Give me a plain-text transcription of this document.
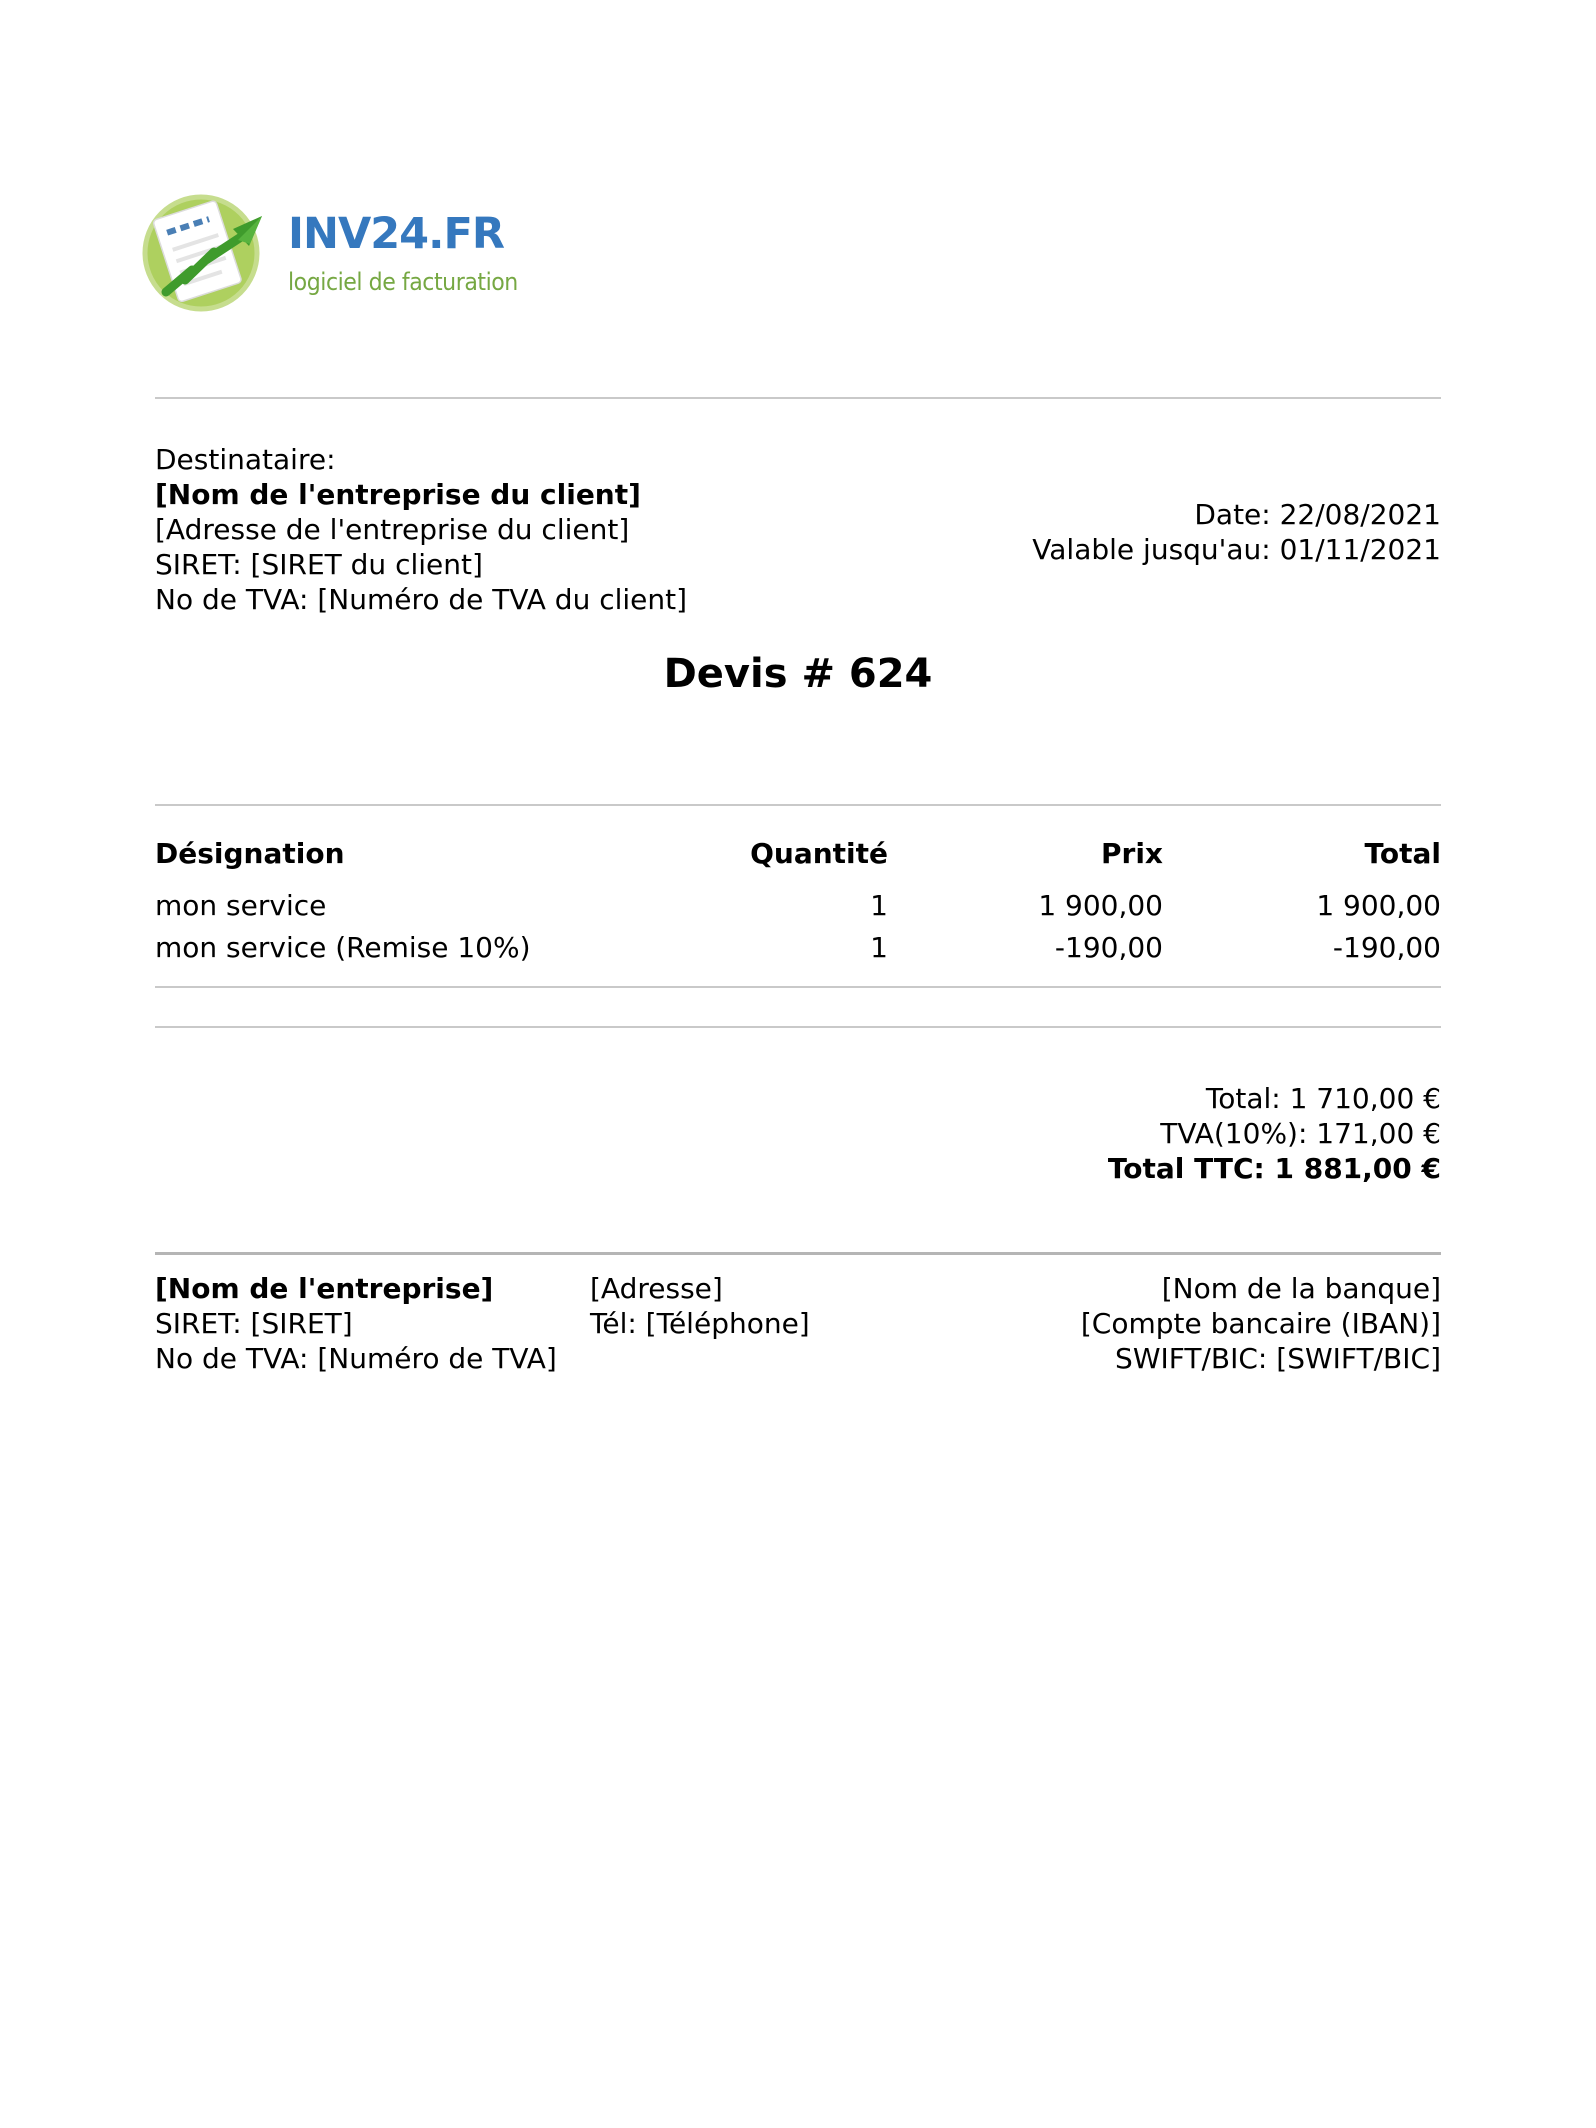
INV24.FR
logiciel de facturation
Destinataire:
[Nom de l'entreprise du client]
[Adresse de l'entreprise du client]
SIRET: [SIRET du client]
No de TVA: [Numéro de TVA du client]
Date: 22/08/2021
Valable jusqu'au: 01/11/2021
Devis # 624
Désignation	Quantité	Prix	Total
mon service	1	1 900,00	1 900,00
mon service (Remise 10%)	1	-190,00	-190,00
Total: 1 710,00 €
TVA(10%): 171,00 €
Total TTC: 1 881,00 €
[Nom de l'entreprise]
SIRET: [SIRET]
No de TVA: [Numéro de TVA]
[Adresse]
Tél: [Téléphone]
[Nom de la banque]
[Compte bancaire (IBAN)]
SWIFT/BIC: [SWIFT/BIC]
